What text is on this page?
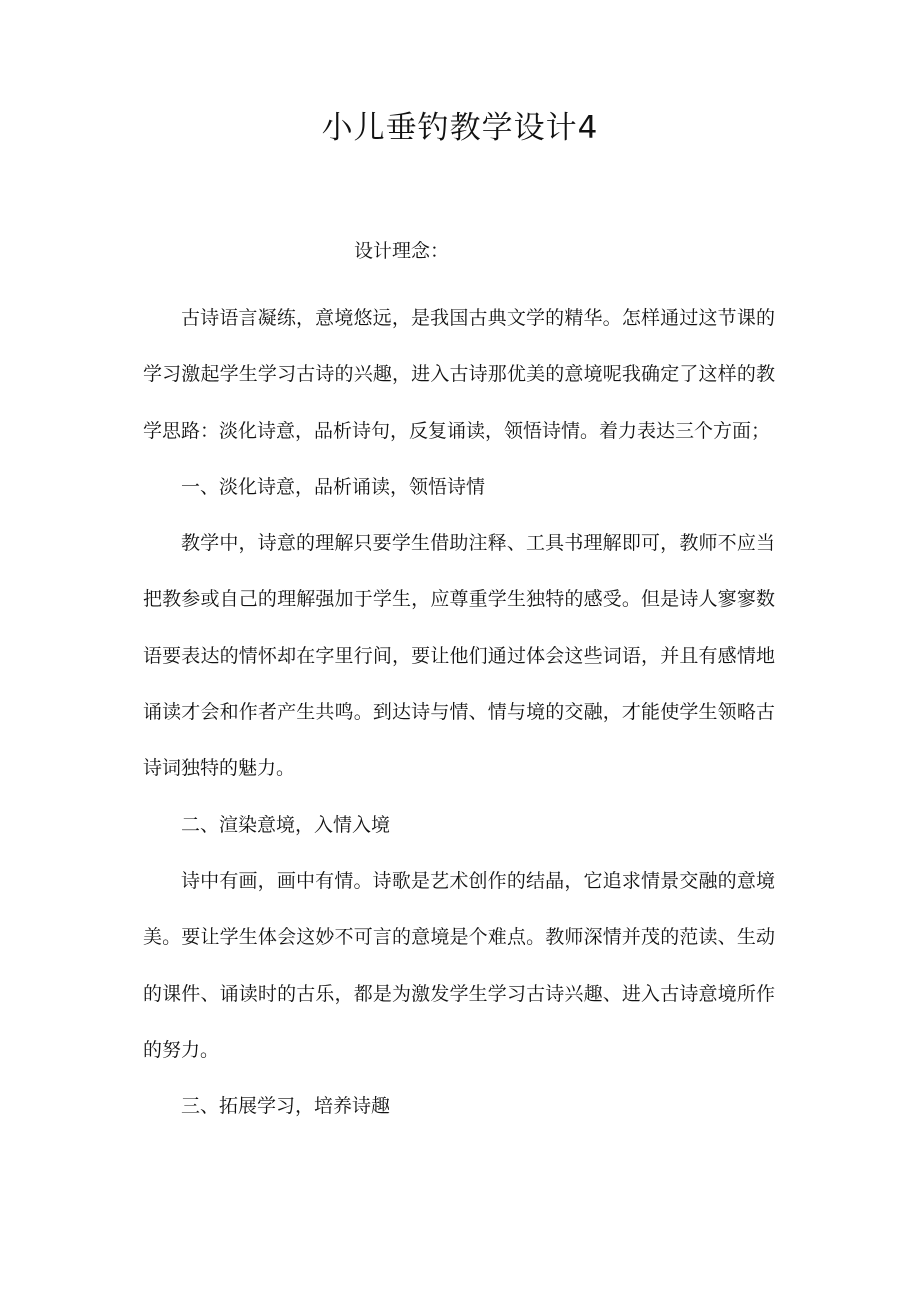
小儿垂钓教学设计4
设计理念：

古诗语言凝练，意境悠远，是我国古典文学的精华。怎样通过这节课的学习激起学生学习古诗的兴趣，进入古诗那优美的意境呢我确定了这样的教学思路：淡化诗意，品析诗句，反复诵读，领悟诗情。着力表达三个方面；

一、淡化诗意，品析诵读，领悟诗情

教学中，诗意的理解只要学生借助注释、工具书理解即可，教师不应当把教参或自己的理解强加于学生，应尊重学生独特的感受。但是诗人寥寥数语要表达的情怀却在字里行间，要让他们通过体会这些词语，并且有感情地诵读才会和作者产生共鸣。到达诗与情、情与境的交融，才能使学生领略古诗词独特的魅力。

二、渲染意境，入情入境

诗中有画，画中有情。诗歌是艺术创作的结晶，它追求情景交融的意境美。要让学生体会这妙不可言的意境是个难点。教师深情并茂的范读、生动的课件、诵读时的古乐，都是为激发学生学习古诗兴趣、进入古诗意境所作的努力。

三、拓展学习，培养诗趣
